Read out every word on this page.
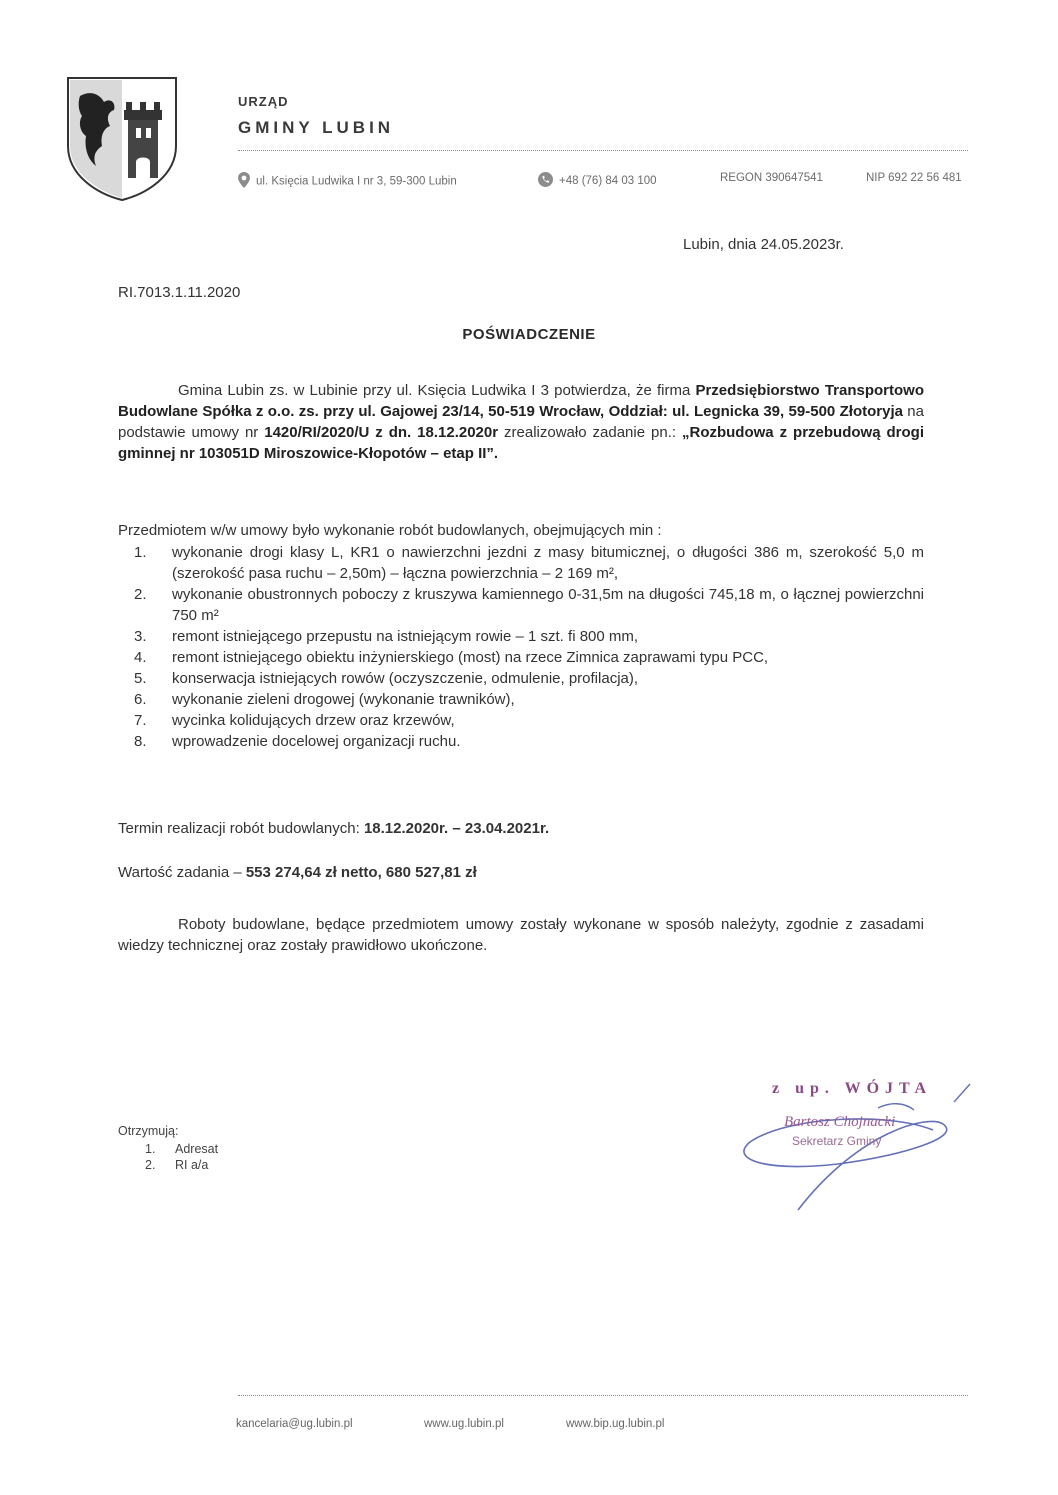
URZĄD
GMINY LUBIN
ul. Księcia Ludwika I nr 3, 59-300 Lubin	+48 (76) 84 03 100	REGON 390647541	NIP 692 22 56 481
Lubin, dnia 24.05.2023r.
RI.7013.1.11.2020
POŚWIADCZENIE
Gmina Lubin zs. w Lubinie przy ul. Księcia Ludwika I 3 potwierdza, że firma Przedsiębiorstwo Transportowo Budowlane Spółka z o.o. zs. przy ul. Gajowej 23/14, 50-519 Wrocław, Oddział: ul. Legnicka 39, 59-500 Złotoryja na podstawie umowy nr 1420/RI/2020/U z dn. 18.12.2020r zrealizowało zadanie pn.: „Rozbudowa z przebudową drogi gminnej nr 103051D Miroszowice-Kłopotów – etap II”.
Przedmiotem w/w umowy było wykonanie robót budowlanych, obejmujących min :
1. wykonanie drogi klasy L, KR1 o nawierzchni jezdni z masy bitumicznej, o długości 386 m, szerokość 5,0 m (szerokość pasa ruchu – 2,50m) – łączna powierzchnia – 2 169 m²,
2. wykonanie obustronnych poboczy z kruszywa kamiennego 0-31,5m na długości 745,18 m, o łącznej powierzchni 750 m²
3. remont istniejącego przepustu na istniejącym rowie – 1 szt. fi 800 mm,
4. remont istniejącego obiektu inżynierskiego (most) na rzece Zimnica zaprawami typu PCC,
5. konserwacja istniejących rowów (oczyszczenie, odmulenie, profilacja),
6. wykonanie zieleni drogowej (wykonanie trawników),
7. wycinka kolidujących drzew oraz krzewów,
8. wprowadzenie docelowej organizacji ruchu.
Termin realizacji robót budowlanych: 18.12.2020r. – 23.04.2021r.
Wartość zadania – 553 274,64 zł netto, 680 527,81 zł
Roboty budowlane, będące przedmiotem umowy zostały wykonane w sposób należyty, zgodnie z zasadami wiedzy technicznej oraz zostały prawidłowo ukończone.
Otrzymują:
1. Adresat
2. RI a/a
z up. WÓJTA
Bartosz Chojnacki
Sekretarz Gminy
kancelaria@ug.lubin.pl	www.ug.lubin.pl	www.bip.ug.lubin.pl
